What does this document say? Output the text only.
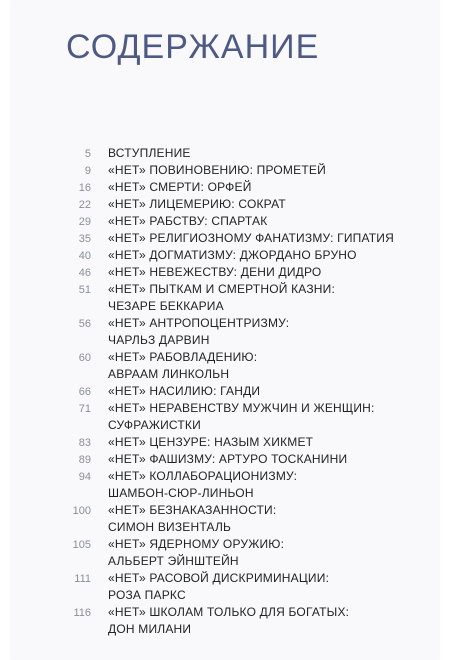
СОДЕРЖАНИЕ
5 ВСТУПЛЕНИЕ
9 «НЕТ» ПОВИНОВЕНИЮ: ПРОМЕТЕЙ
16 «НЕТ» СМЕРТИ: ОРФЕЙ
22 «НЕТ» ЛИЦЕМЕРИЮ: СОКРАТ
29 «НЕТ» РАБСТВУ: СПАРТАК
35 «НЕТ» РЕЛИГИОЗНОМУ ФАНАТИЗМУ: ГИПАТИЯ
40 «НЕТ» ДОГМАТИЗМУ: ДЖОРДАНО БРУНО
46 «НЕТ» НЕВЕЖЕСТВУ: ДЕНИ ДИДРО
51 «НЕТ» ПЫТКАМ И СМЕРТНОЙ КАЗНИ:
ЧЕЗАРЕ БЕККАРИА
56 «НЕТ» АНТРОПОЦЕНТРИЗМУ:
ЧАРЛЬЗ ДАРВИН
60 «НЕТ» РАБОВЛАДЕНИЮ:
АВРААМ ЛИНКОЛЬН
66 «НЕТ» НАСИЛИЮ: ГАНДИ
71 «НЕТ» НЕРАВЕНСТВУ МУЖЧИН И ЖЕНЩИН:
СУФРАЖИСТКИ
83 «НЕТ» ЦЕНЗУРЕ: НАЗЫМ ХИКМЕТ
89 «НЕТ» ФАШИЗМУ: АРТУРО ТОСКАНИНИ
94 «НЕТ» КОЛЛАБОРАЦИОНИЗМУ:
ШАМБОН-СЮР-ЛИНЬОН
100 «НЕТ» БЕЗНАКАЗАННОСТИ:
СИМОН ВИЗЕНТАЛЬ
105 «НЕТ» ЯДЕРНОМУ ОРУЖИЮ:
АЛЬБЕРТ ЭЙНШТЕЙН
111 «НЕТ» РАСОВОЙ ДИСКРИМИНАЦИИ:
РОЗА ПАРКС
116 «НЕТ» ШКОЛАМ ТОЛЬКО ДЛЯ БОГАТЫХ:
ДОН МИЛАНИ
